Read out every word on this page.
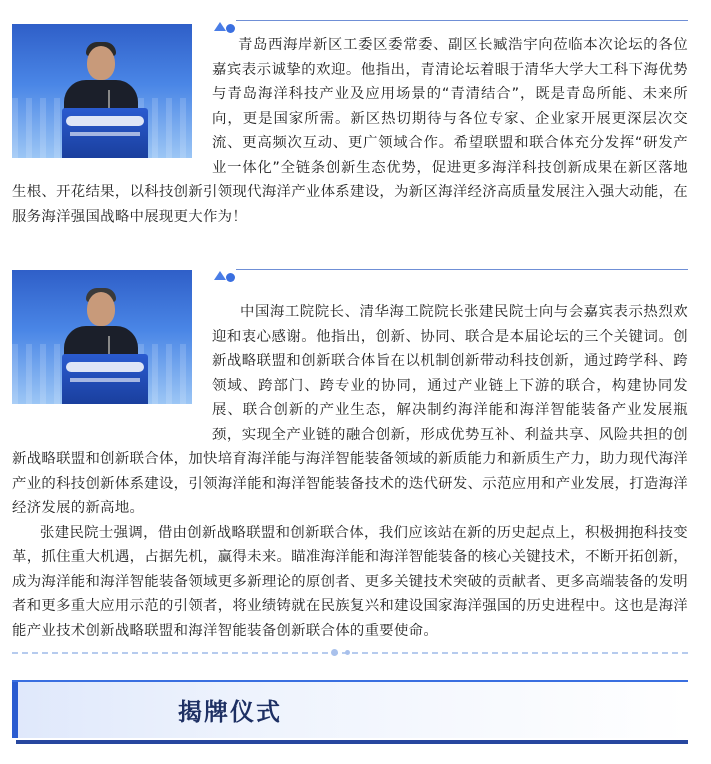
青岛西海岸新区工委区委常委、副区长臧浩宇向莅临本次论坛的各位嘉宾表示诚挚的欢迎。他指出，青清论坛着眼于清华大学大工科下海优势与青岛海洋科技产业及应用场景的“青清结合”，既是青岛所能、未来所向，更是国家所需。新区热切期待与各位专家、企业家开展更深层次交流、更高频次互动、更广领域合作。希望联盟和联合体充分发挥“研发产业一体化”全链条创新生态优势，促进更多海洋科技创新成果在新区落地生根、开花结果，以科技创新引领现代海洋产业体系建设，为新区海洋经济高质量发展注入强大动能，在服务海洋强国战略中展现更大作为！

中国海工院院长、清华海工院院长张建民院士向与会嘉宾表示热烈欢迎和衷心感谢。他指出，创新、协同、联合是本届论坛的三个关键词。创新战略联盟和创新联合体旨在以机制创新带动科技创新，通过跨学科、跨领域、跨部门、跨专业的协同，通过产业链上下游的联合，构建协同发展、联合创新的产业生态，解决制约海洋能和海洋智能装备产业发展瓶颈，实现全产业链的融合创新，形成优势互补、利益共享、风险共担的创新战略联盟和创新联合体，加快培育海洋能与海洋智能装备领域的新质能力和新质生产力，助力现代海洋产业的科技创新体系建设，引领海洋能和海洋智能装备技术的迭代研发、示范应用和产业发展，打造海洋经济发展的新高地。

张建民院士强调，借由创新战略联盟和创新联合体，我们应该站在新的历史起点上，积极拥抱科技变革，抓住重大机遇，占据先机，赢得未来。瞄准海洋能和海洋智能装备的核心关键技术，不断开拓创新，成为海洋能和海洋智能装备领域更多新理论的原创者、更多关键技术突破的贡献者、更多高端装备的发明者和更多重大应用示范的引领者，将业绩铸就在民族复兴和建设国家海洋强国的历史进程中。这也是海洋能产业技术创新战略联盟和海洋智能装备创新联合体的重要使命。

揭牌仪式
